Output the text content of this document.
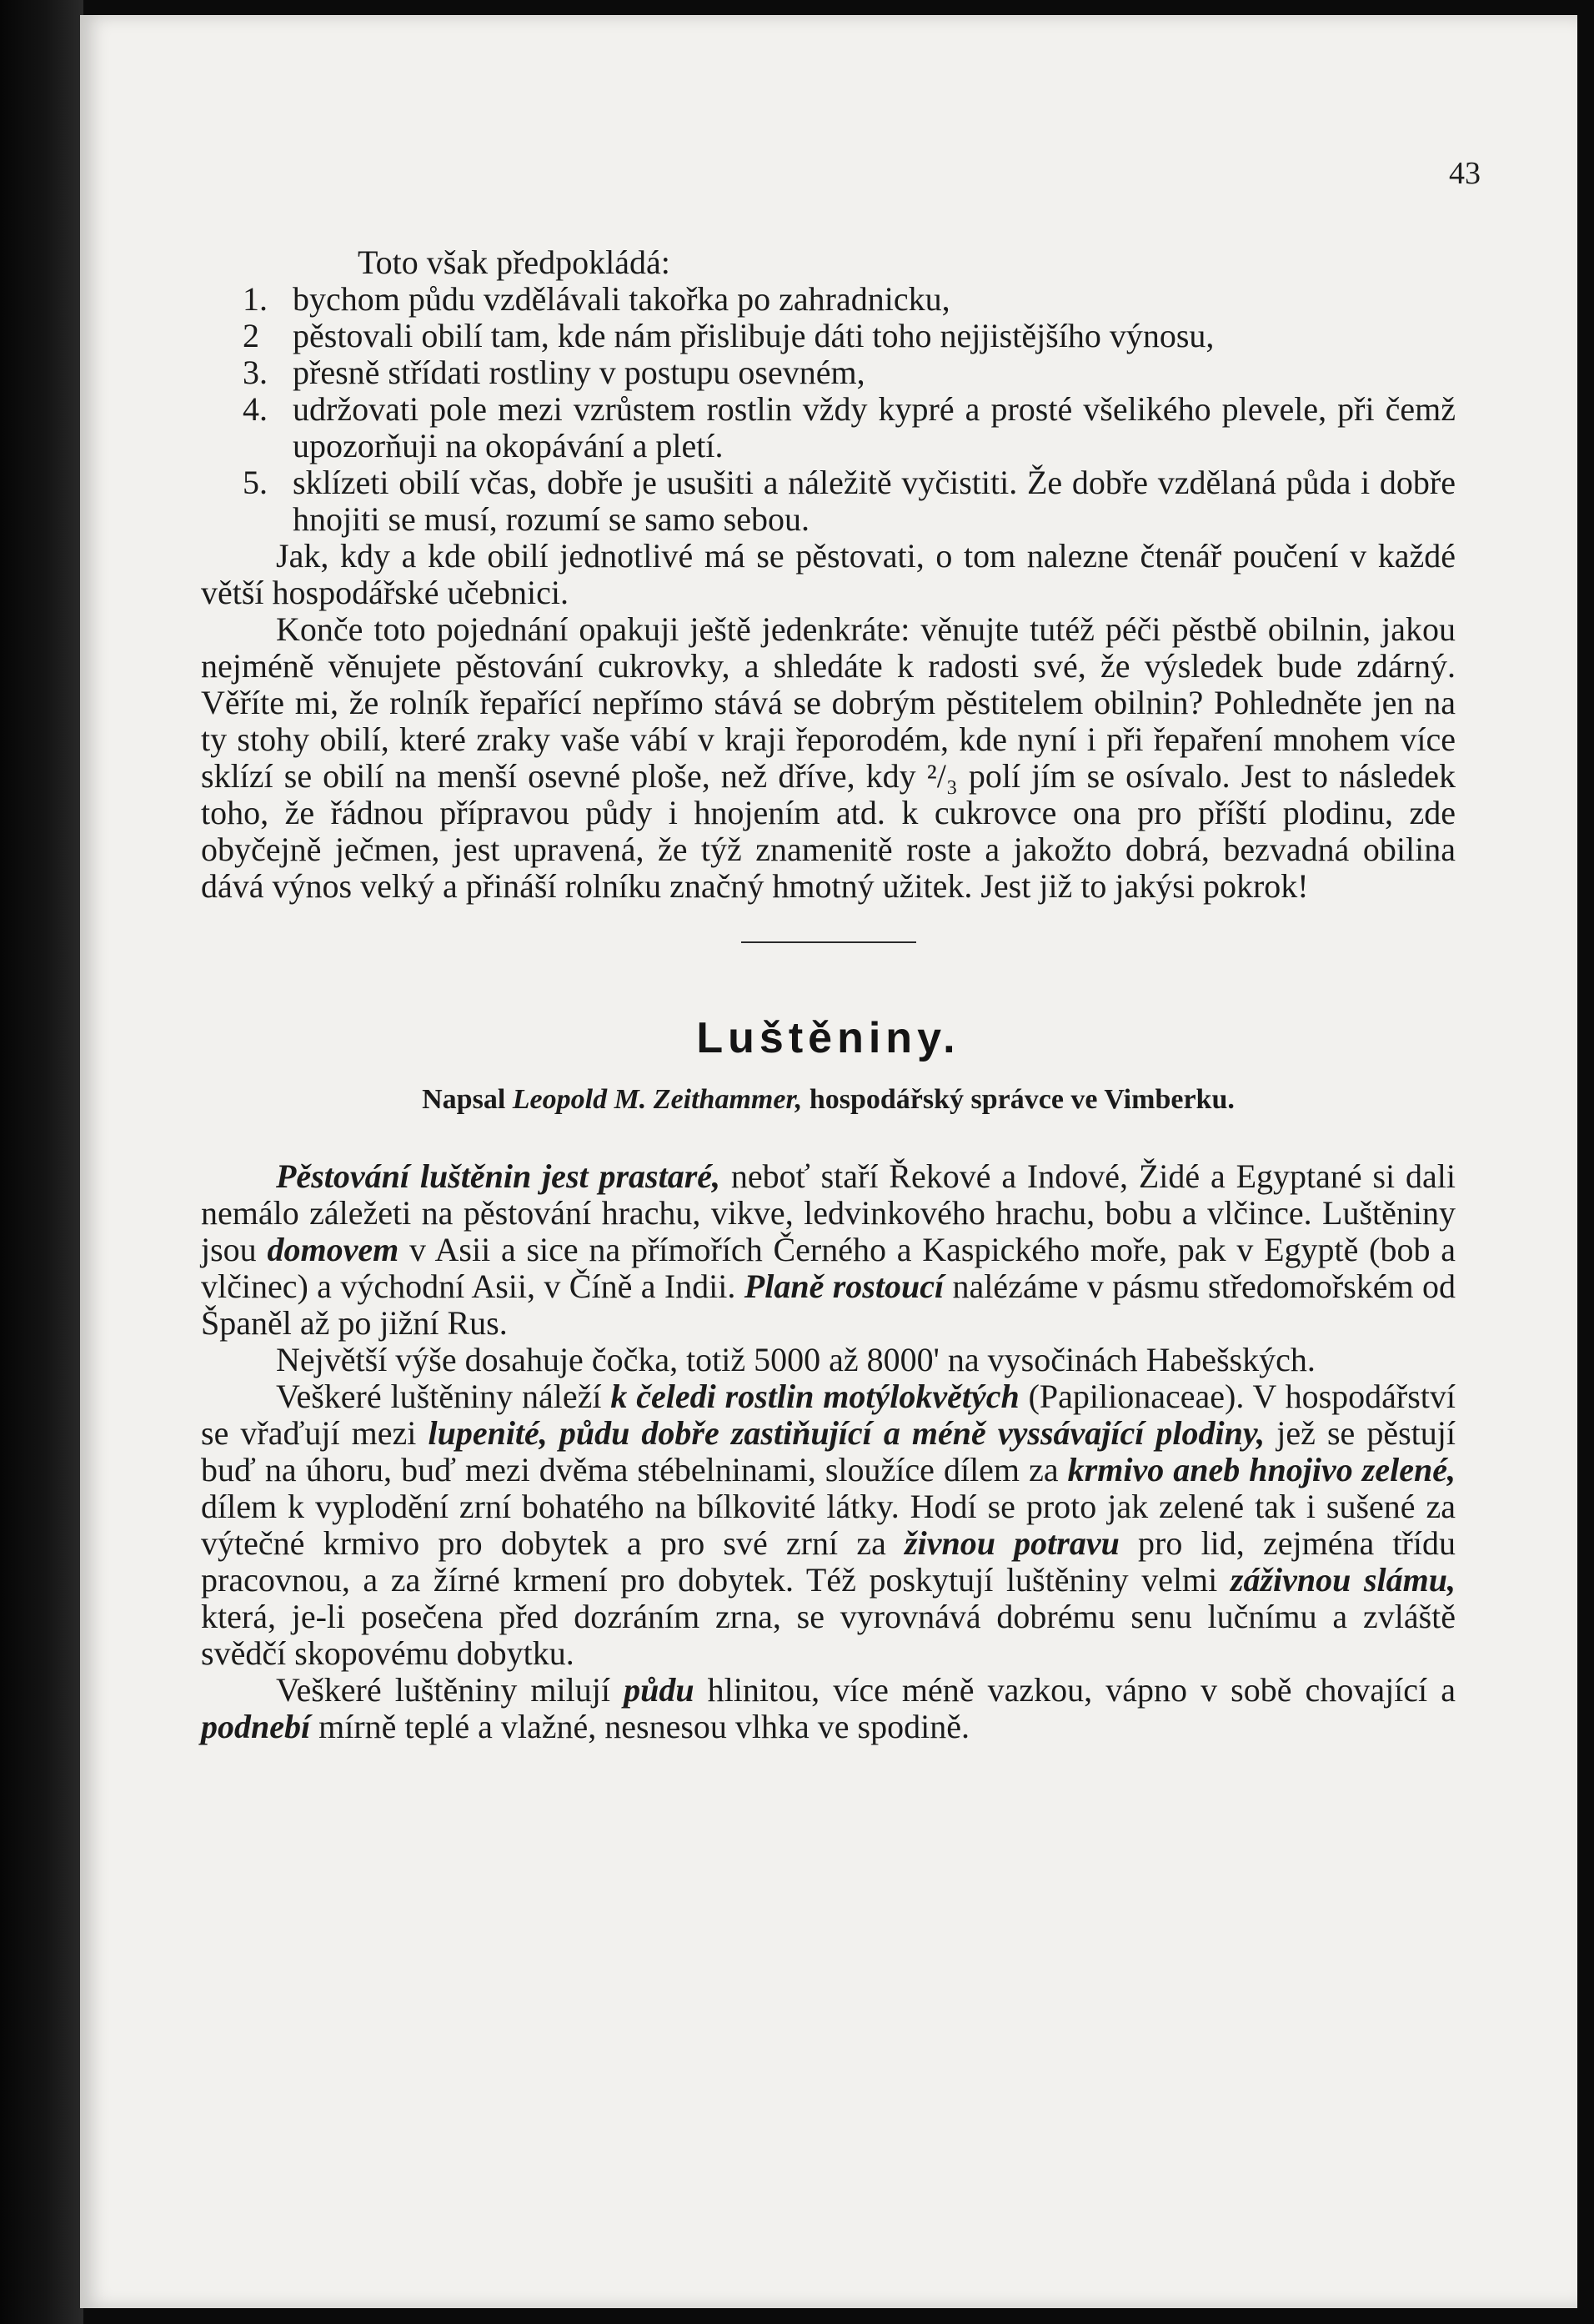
43

Toto však předpokládá:

1. bychom půdu vzdělávali takořka po zahradnicku,
2 pěstovali obilí tam, kde nám přislibuje dáti toho nejjistějšího výnosu,
3. přesně střídati rostliny v postupu osevném,
4. udržovati pole mezi vzrůstem rostlin vždy kypré a prosté všelikého plevele, při čemž upozorňuji na okopávání a pletí.
5. sklízeti obilí včas, dobře je usušiti a náležitě vyčistiti. Že dobře vzdělaná půda i dobře hnojiti se musí, rozumí se samo sebou.

Jak, kdy a kde obilí jednotlivé má se pěstovati, o tom nalezne čtenář poučení v každé větší hospodářské učebnici.

Konče toto pojednání opakuji ještě jedenkráte: věnujte tutéž péči pěstbě obilnin, jakou nejméně věnujete pěstování cukrovky, a shledáte k radosti své, že výsledek bude zdárný. Věříte mi, že rolník řepařící nepřímo stává se dobrým pěstitelem obilnin? Pohledněte jen na ty stohy obilí, které zraky vaše vábí v kraji řeporodém, kde nyní i při řepaření mnohem více sklízí se obilí na menší osevné ploše, než dříve, kdy ²/₃ polí jím se osívalo. Jest to následek toho, že řádnou přípravou půdy i hnojením atd. k cukrovce ona pro příští plodinu, zde obyčejně ječmen, jest upravená, že týž znamenitě roste a jakožto dobrá, bezvadná obilina dává výnos velký a přináší rolníku značný hmotný užitek. Jest již to jakýsi pokrok!

Luštěniny.
Napsal Leopold M. Zeithammer, hospodářský správce ve Vimberku.

Pěstování luštěnin jest prastaré, neboť staří Řekové a Indové, Židé a Egyptané si dali nemálo záležeti na pěstování hrachu, vikve, ledvinkového hrachu, bobu a vlčince. Luštěniny jsou domovem v Asii a sice na přímořích Černého a Kaspického moře, pak v Egyptě (bob a vlčinec) a východní Asii, v Číně a Indii. Planě rostoucí nalézáme v pásmu středomořském od Španěl až po jižní Rus.

Největší výše dosahuje čočka, totiž 5000 až 8000' na vysočinách Habešských.

Veškeré luštěniny náleží k čeledi rostlin motýlokvětých (Papilionaceae). V hospodářství se vřaďují mezi lupenité, půdu dobře zastiňující a méně vyssávající plodiny, jež se pěstují buď na úhoru, buď mezi dvěma stébelninami, sloužíce dílem za krmivo aneb hnojivo zelené, dílem k vyplodění zrní bohatého na bílkovité látky. Hodí se proto jak zelené tak i sušené za výtečné krmivo pro dobytek a pro své zrní za živnou potravu pro lid, zejména třídu pracovnou, a za žírné krmení pro dobytek. Též poskytují luštěniny velmi záživnou slámu, která, je-li posečena před dozráním zrna, se vyrovnává dobrému senu lučnímu a zvláště svědčí skopovému dobytku.

Veškeré luštěniny milují půdu hlinitou, více méně vazkou, vápno v sobě chovající a podnebí mírně teplé a vlažné, nesnesou vlhka ve spodině.
